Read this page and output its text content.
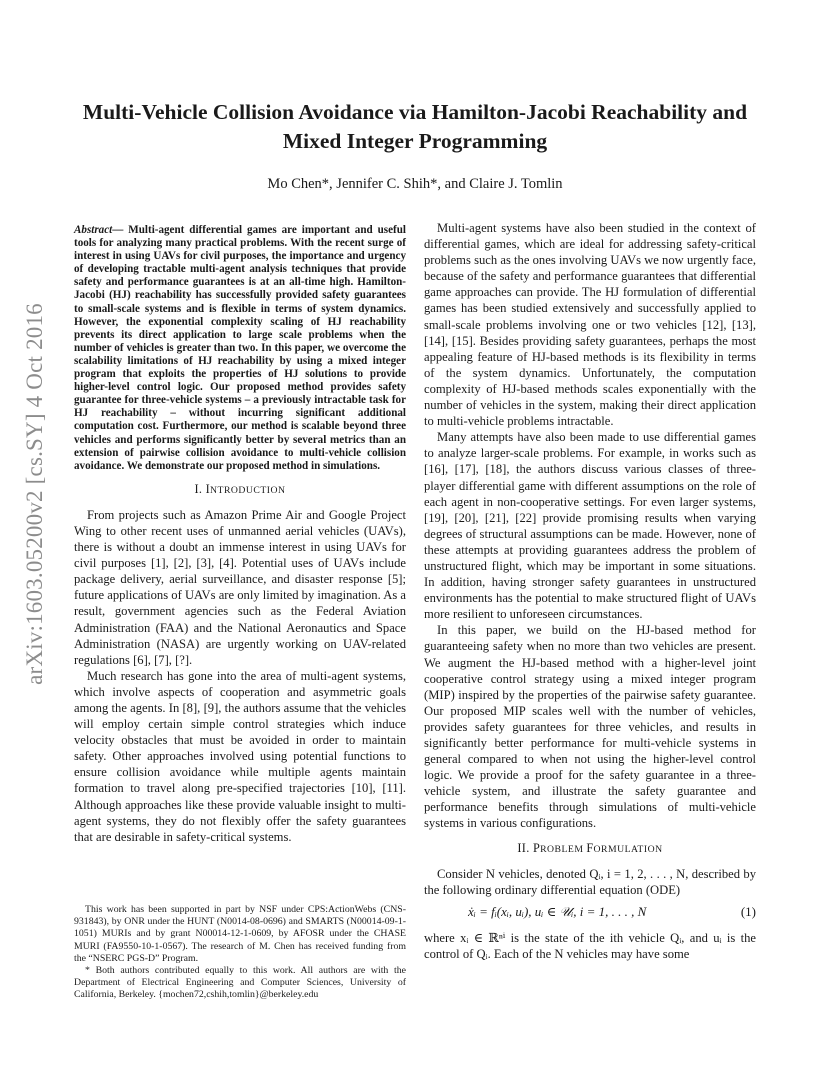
arXiv:1603.05200v2 [cs.SY] 4 Oct 2016
Multi-Vehicle Collision Avoidance via Hamilton-Jacobi Reachability and Mixed Integer Programming

Mo Chen*, Jennifer C. Shih*, and Claire J. Tomlin

Abstract— Multi-agent differential games are important and useful tools for analyzing many practical problems. With the recent surge of interest in using UAVs for civil purposes, the importance and urgency of developing tractable multi-agent analysis techniques that provide safety and performance guarantees is at an all-time high. Hamilton-Jacobi (HJ) reachability has successfully provided safety guarantees to small-scale systems and is flexible in terms of system dynamics. However, the exponential complexity scaling of HJ reachability prevents its direct application to large scale problems when the number of vehicles is greater than two. In this paper, we overcome the scalability limitations of HJ reachability by using a mixed integer program that exploits the properties of HJ solutions to provide higher-level control logic. Our proposed method provides safety guarantee for three-vehicle systems – a previously intractable task for HJ reachability – without incurring significant additional computation cost. Furthermore, our method is scalable beyond three vehicles and performs significantly better by several metrics than an extension of pairwise collision avoidance to multi-vehicle collision avoidance. We demonstrate our proposed method in simulations.

I. INTRODUCTION

From projects such as Amazon Prime Air and Google Project Wing to other recent uses of unmanned aerial vehicles (UAVs), there is without a doubt an immense interest in using UAVs for civil purposes [1], [2], [3], [4]. Potential uses of UAVs include package delivery, aerial surveillance, and disaster response [5]; future applications of UAVs are only limited by imagination. As a result, government agencies such as the Federal Aviation Administration (FAA) and the National Aeronautics and Space Administration (NASA) are urgently working on UAV-related regulations [6], [7], [?].

Much research has gone into the area of multi-agent systems, which involve aspects of cooperation and asymmetric goals among the agents. In [8], [9], the authors assume that the vehicles will employ certain simple control strategies which induce velocity obstacles that must be avoided in order to maintain safety. Other approaches involved using potential functions to ensure collision avoidance while multiple agents maintain formation to travel along pre-specified trajectories [10], [11]. Although approaches like these provide valuable insight to multi-agent systems, they do not flexibly offer the safety guarantees that are desirable in safety-critical systems.

This work has been supported in part by NSF under CPS:ActionWebs (CNS-931843), by ONR under the HUNT (N0014-08-0696) and SMARTS (N00014-09-1-1051) MURIs and by grant N00014-12-1-0609, by AFOSR under the CHASE MURI (FA9550-10-1-0567). The research of M. Chen has received funding from the “NSERC PGS-D” Program.

* Both authors contributed equally to this work. All authors are with the Department of Electrical Engineering and Computer Sciences, University of California, Berkeley. {mochen72,cshih,tomlin}@berkeley.edu

Multi-agent systems have also been studied in the context of differential games, which are ideal for addressing safety-critical problems such as the ones involving UAVs we now urgently face, because of the safety and performance guarantees that differential game approaches can provide. The HJ formulation of differential games has been studied extensively and successfully applied to small-scale problems involving one or two vehicles [12], [13], [14], [15]. Besides providing safety guarantees, perhaps the most appealing feature of HJ-based methods is its flexibility in terms of the system dynamics. Unfortunately, the computation complexity of HJ-based methods scales exponentially with the number of vehicles in the system, making their direct application to multi-vehicle problems intractable.

Many attempts have also been made to use differential games to analyze larger-scale problems. For example, in works such as [16], [17], [18], the authors discuss various classes of three-player differential game with different assumptions on the role of each agent in non-cooperative settings. For even larger systems, [19], [20], [21], [22] provide promising results when varying degrees of structural assumptions can be made. However, none of these attempts at providing guarantees address the problem of unstructured flight, which may be important in some situations. In addition, having stronger safety guarantees in unstructured environments has the potential to make structured flight of UAVs more resilient to unforeseen circumstances.

In this paper, we build on the HJ-based method for guaranteeing safety when no more than two vehicles are present. We augment the HJ-based method with a higher-level joint cooperative control strategy using a mixed integer program (MIP) inspired by the properties of the pairwise safety guarantee. Our proposed MIP scales well with the number of vehicles, provides safety guarantees for three vehicles, and results in significantly better performance for multi-vehicle systems in general compared to when not using the higher-level control logic. We provide a proof for the safety guarantee in a three-vehicle system, and illustrate the safety guarantee and performance benefits through simulations of multi-vehicle systems in various configurations.

II. PROBLEM FORMULATION

Consider N vehicles, denoted Qᵢ, i = 1, 2, . . . , N, described by the following ordinary differential equation (ODE)

ẋᵢ = fᵢ(xᵢ, uᵢ), uᵢ ∈ 𝒰ᵢ, i = 1, . . . , N	(1)

where xᵢ ∈ ℝⁿⁱ is the state of the ith vehicle Qᵢ, and uᵢ is the control of Qᵢ. Each of the N vehicles may have some
